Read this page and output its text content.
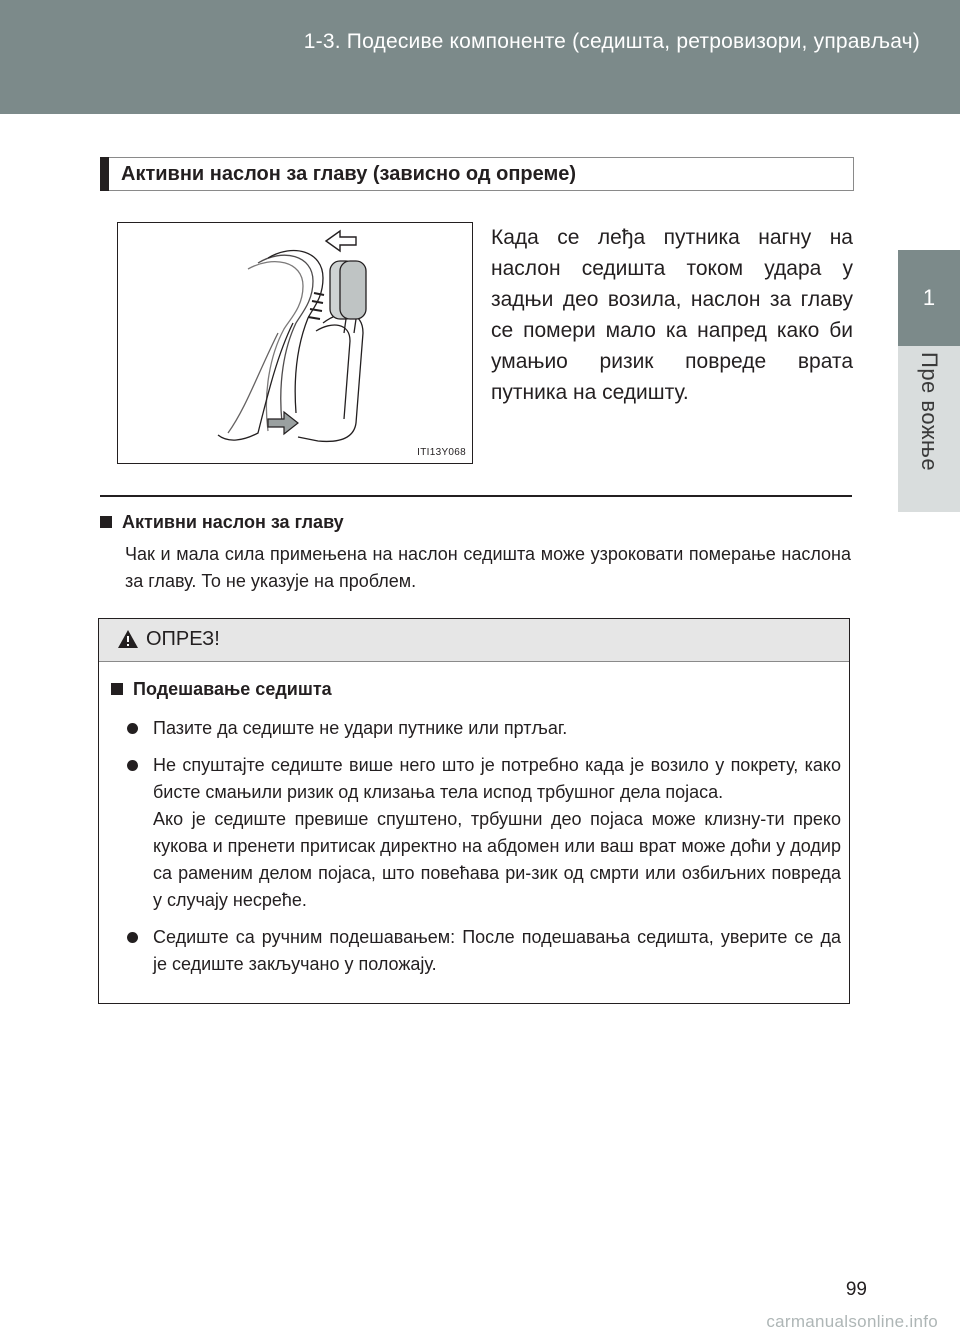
1-3. Подесиве компоненте (седишта, ретровизори, управљач)
1
Пре вожње
Активни наслон за главу (зависно од опреме)
ITI13Y068
Када се леђа путника нагну на наслон седишта током удара у задњи део возила, наслон за главу се помери мало ка напред како би умањио ризик повреде врата путника на седишту.
Активни наслон за главу
Чак и мала сила примењена на наслон седишта може узроковати померање наслона за главу. То не указује на проблем.
ОПРЕЗ!
Подешавање седишта

Пазите да седиште не удари путнике или пртљаг.

Не спуштајте седиште више него што је потребно када је возило у покрету, како бисте смањили ризик од клизања тела испод трбушног дела појаса.

Ако је седиште превише спуштено, трбушни део појаса може клизну-ти преко кукова и пренети притисак директно на абдомен или ваш врат може доћи у додир са раменим делом појаса, што повећава ри-зик од смрти или озбиљних повреда у случају несреће.

Седиште са ручним подешавањем: После подешавања седишта, уверите се да је седиште закључано у положају.

99
carmanualsonline.info
